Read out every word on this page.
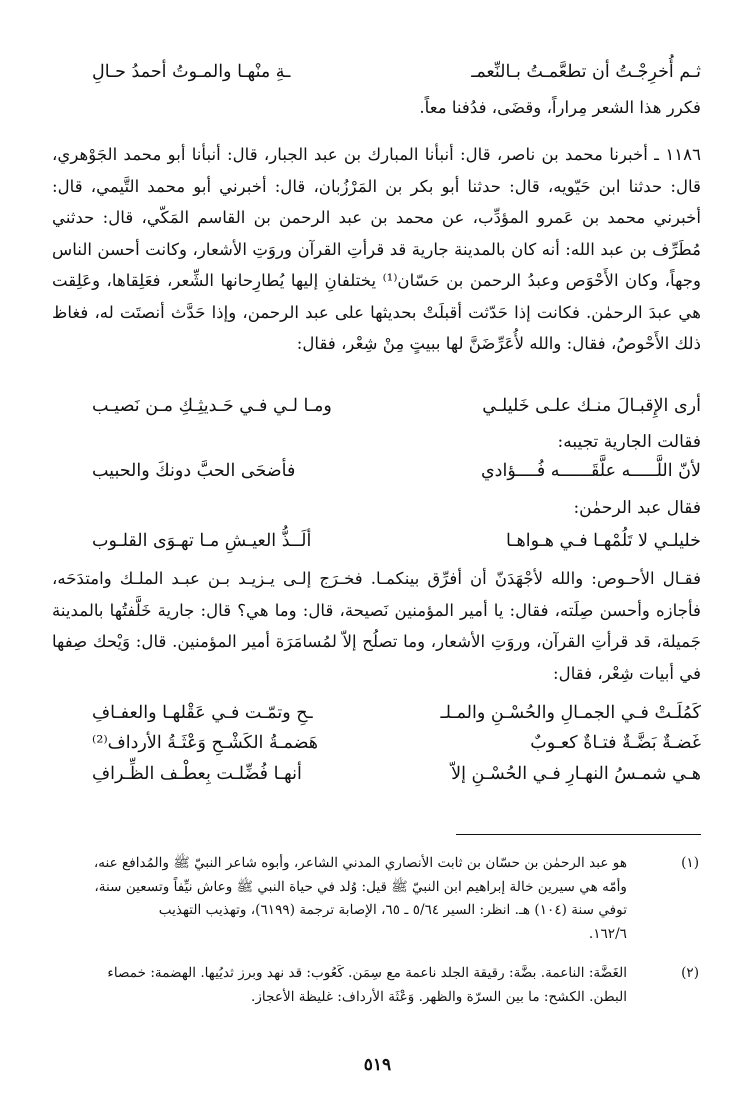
ثـم أُخرِجْـتُ أن تطعَّمـتُ بـالنِّعمـ
ـةِ منْهـا والمـوتُ أحمدُ حـالِ

فكرر هذا الشعر مِراراً، وقضَى، فدُفنا معاً.

١١٨٦ ـ أخبرنا محمد بن ناصر، قال: أنبأنا المبارك بن عبد الجبار، قال: أنبأنا أبو محمد الجَوْهري، قال: حدثنا ابن حَيّويه، قال: حدثنا أبو بكر بن المَرْزُبان، قال: أخبرني أبو محمد التَّيمي، قال: أخبرني محمد بن عَمرو المؤدِّب، عن محمد بن عبد الرحمن بن القاسم المَكّي، قال: حدثني مُطَرِّف بن عبد الله: أنه كان بالمدينة جارية قد قرأتِ القرآن وروَتِ الأشعار، وكانت أحسن الناس وجهاً، وكان الأَحْوَص وعبدُ الرحمن بن حَسّان⁽¹⁾ يختلفانِ إليها يُطارِحانها الشِّعر، فعَلِقاها، وعَلِقت هي عبدَ الرحمٰن. فكانت إذا حَدّثت أقبلَتْ بحديثها على عبد الرحمن، وإذا حَدَّث أنصتَت له، فغاظ ذلك الأَحْوصُ، فقال: والله لأُعَرِّضَنَّ لها ببيتٍ مِنْ شِعْر، فقال:

أرى الإِقبـالَ منـك علـى خَليلـي
ومـا لـي فـي حَـديثِـكِ مـن نَصيـب
فقالت الجارية تجيبه:
لأنّ اللَّـــــه علَّقَــــــه فُــــؤادي
فأضحَى الحبَّ دونكَ والحبيب
فقال عبد الرحمٰن:
خليلـي لا تَلُمْهـا فـي هـواهـا
ألَــذُّ العيـشِ مـا تهـوَى القلـوب

فقـال الأحـوص: والله لأجْهَدَنّ أن أفرِّق بينكمـا. فخـرَج إلـى يـزيـد بـن عبـد الملـك وامتدَحَه، فأجازه وأحسن صِلَته، فقال: يا أمير المؤمنين نَصيحة، قال: وما هي؟ قال: جارية خَلَّفتُها بالمدينة جَميلة، قد قرأتِ القرآن، وروَتِ الأشعار، وما تصلُح إلاّ لمُسامَرَة أمير المؤمنين. قال: وَيْحك صِفها في أبيات شِعْر، فقال:

كَمُلَـتْ فـي الجمـالِ والحُسْـنِ والمـلـ
ـحِ وتمّـت فـي عَقْلهـا والعفـافِ
غَضـةٌ بَضَّـةٌ فتـاةٌ كعـوبٌ
هَضمـةُ الكَشْـحِ وَعْثَـةُ الأرداف⁽²⁾
هـي شمـسُ النهـارِ فـي الحُسْـنِ إلاّ
أنهـا فُضِّلـت بِعطْـف الظِّـرافِ
(١)

هو عبد الرحمٰن بن حسّان بن ثابت الأنصاري المدني الشاعر، وأبوه شاعر النبيّ ﷺ والمُدافع عنه،

وأمّه هي سيرين خالة إبراهيم ابن النبيّ ﷺ قيل: وُلد في حياة النبي ﷺ وعاش نيِّفاً وتسعين سنة،

توفي سنة (١٠٤) هـ. انظر: السير ٥/٦٤ ـ ٦٥، الإصابة ترجمة (٦١٩٩)، وتهذيب التهذيب

١٦٢/٦.

(٢)

الغَضَّة: الناعمة. بضَّة: رقيقة الجلد ناعمة مع سِمَن. كَعُوب: قد نهد وبرز ثديُيها. الهضمة: خمصاء

البطن. الكشح: ما بين السرّة والظهر. وَعْثَة الأرداف: غليظة الأعجاز.

٥١٩
